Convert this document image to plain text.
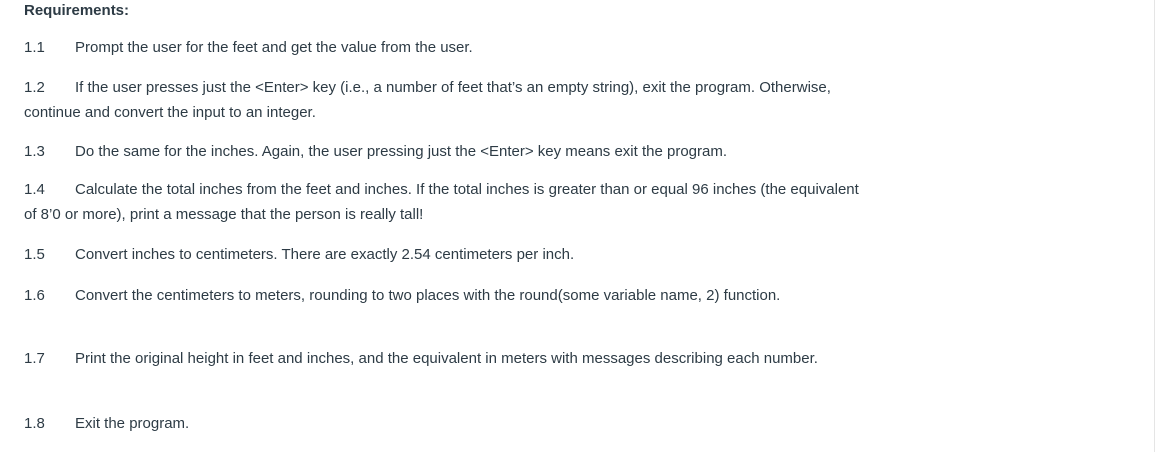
Requirements:

1.1 Prompt the user for the feet and get the value from the user.

1.2 If the user presses just the <Enter> key (i.e., a number of feet that’s an empty string), exit the program. Otherwise, continue and convert the input to an integer.

1.3 Do the same for the inches. Again, the user pressing just the <Enter> key means exit the program.

1.4 Calculate the total inches from the feet and inches. If the total inches is greater than or equal 96 inches (the equivalent of 8’0 or more), print a message that the person is really tall!

1.5 Convert inches to centimeters. There are exactly 2.54 centimeters per inch.

1.6 Convert the centimeters to meters, rounding to two places with the round(some variable name, 2) function.

1.7 Print the original height in feet and inches, and the equivalent in meters with messages describing each number.

1.8 Exit the program.
